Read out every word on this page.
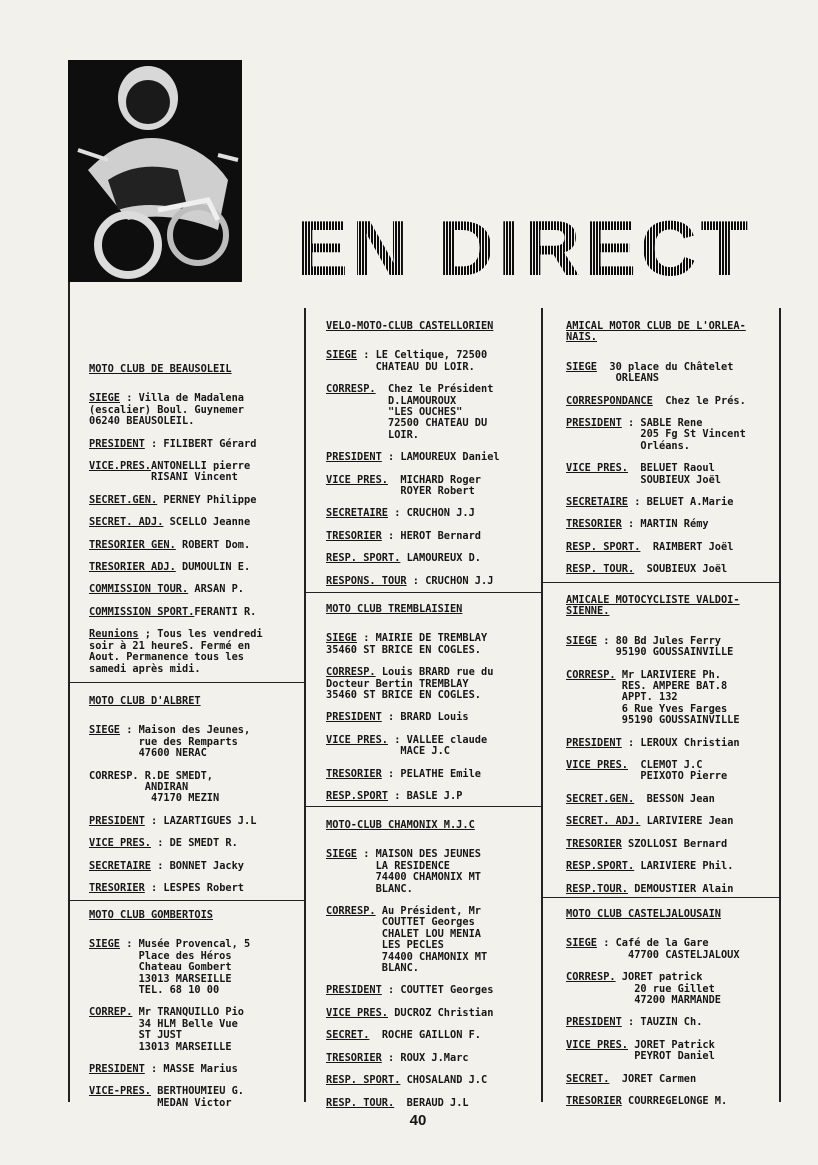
EN DIRECT
MOTO CLUB DE BEAUSOLEIL
SIEGE : Villa de Madalena
(escalier) Boul. Guynemer
06240 BEAUSOLEIL.
PRESIDENT : FILIBERT Gérard
VICE.PRES.ANTONELLI pierre
RISANI Vincent
SECRET.GEN. PERNEY Philippe
SECRET. ADJ. SCELLO Jeanne
TRESORIER GEN. ROBERT Dom.
TRESORIER ADJ. DUMOULIN E.
COMMISSION TOUR. ARSAN P.
COMMISSION SPORT.FERANTI R.
Reunions ; Tous les vendredi
soir à 21 heureS. Fermé en
Aout. Permanence tous les
samedi après midi.
MOTO CLUB D'ALBRET
SIEGE : Maison des Jeunes,
rue des Remparts
47600 NERAC
CORRESP. R.DE SMEDT,
ANDIRAN
47170 MEZIN
PRESIDENT : LAZARTIGUES J.L
VICE PRES. : DE SMEDT R.
SECRETAIRE : BONNET Jacky
TRESORIER : LESPES Robert
MOTO CLUB GOMBERTOIS
SIEGE : Musée Provencal, 5
Place des Héros
Chateau Gombert
13013 MARSEILLE
TEL. 68 10 00
CORREP. Mr TRANQUILLO Pio
34 HLM Belle Vue
ST JUST
13013 MARSEILLE
PRESIDENT : MASSE Marius
VICE-PRES. BERTHOUMIEU G.
MEDAN Victor
VELO-MOTO-CLUB CASTELLORIEN
SIEGE : LE Celtique, 72500
CHATEAU DU LOIR.
CORRESP. Chez le Président
D.LAMOUROUX
"LES OUCHES"
72500 CHATEAU DU
LOIR.
PRESIDENT : LAMOUREUX Daniel
VICE PRES. MICHARD Roger
ROYER Robert
SECRETAIRE : CRUCHON J.J
TRESORIER : HEROT Bernard
RESP. SPORT. LAMOUREUX D.
RESPONS. TOUR : CRUCHON J.J
MOTO CLUB TREMBLAISIEN
SIEGE : MAIRIE DE TREMBLAY
35460 ST BRICE EN COGLES.
CORRESP. Louis BRARD rue du
Docteur Bertin TREMBLAY
35460 ST BRICE EN COGLES.
PRESIDENT : BRARD Louis
VICE PRES. : VALLEE claude
MACE J.C
TRESORIER : PELATHE Emile
RESP.SPORT : BASLE J.P
MOTO-CLUB CHAMONIX M.J.C
SIEGE : MAISON DES JEUNES
LA RESIDENCE
74400 CHAMONIX MT
BLANC.
CORRESP. Au Président, Mr
COUTTET Georges
CHALET LOU MENIA
LES PECLES
74400 CHAMONIX MT
BLANC.
PRESIDENT : COUTTET Georges
VICE PRES. DUCROZ Christian
SECRET. ROCHE GAILLON F.
TRESORIER : ROUX J.Marc
RESP. SPORT. CHOSALAND J.C
RESP. TOUR. BERAUD J.L
AMICAL MOTOR CLUB DE L'ORLEA-
NAIS.
SIEGE 30 place du Châtelet
ORLEANS
CORRESPONDANCE Chez le Prés.
PRESIDENT : SABLE Rene
205 Fg St Vincent
Orléans.
VICE PRES. BELUET Raoul
SOUBIEUX Joël
SECRETAIRE : BELUET A.Marie
TRESORIER : MARTIN Rémy
RESP. SPORT. RAIMBERT Joël
RESP. TOUR. SOUBIEUX Joël
AMICALE MOTOCYCLISTE VALDOI-
SIENNE.
SIEGE : 80 Bd Jules Ferry
95190 GOUSSAINVILLE
CORRESP. Mr LARIVIERE Ph.
RES. AMPERE BAT.8
APPT. 132
6 Rue Yves Farges
95190 GOUSSAINVILLE
PRESIDENT : LEROUX Christian
VICE PRES. CLEMOT J.C
PEIXOTO Pierre
SECRET.GEN. BESSON Jean
SECRET. ADJ. LARIVIERE Jean
TRESORIER SZOLLOSI Bernard
RESP.SPORT. LARIVIERE Phil.
RESP.TOUR. DEMOUSTIER Alain
MOTO CLUB CASTELJALOUSAIN
SIEGE : Café de la Gare
47700 CASTELJALOUX
CORRESP. JORET patrick
20 rue Gillet
47200 MARMANDE
PRESIDENT : TAUZIN Ch.
VICE PRES. JORET Patrick
PEYROT Daniel
SECRET. JORET Carmen
TRESORIER COURREGELONGE M.
40
